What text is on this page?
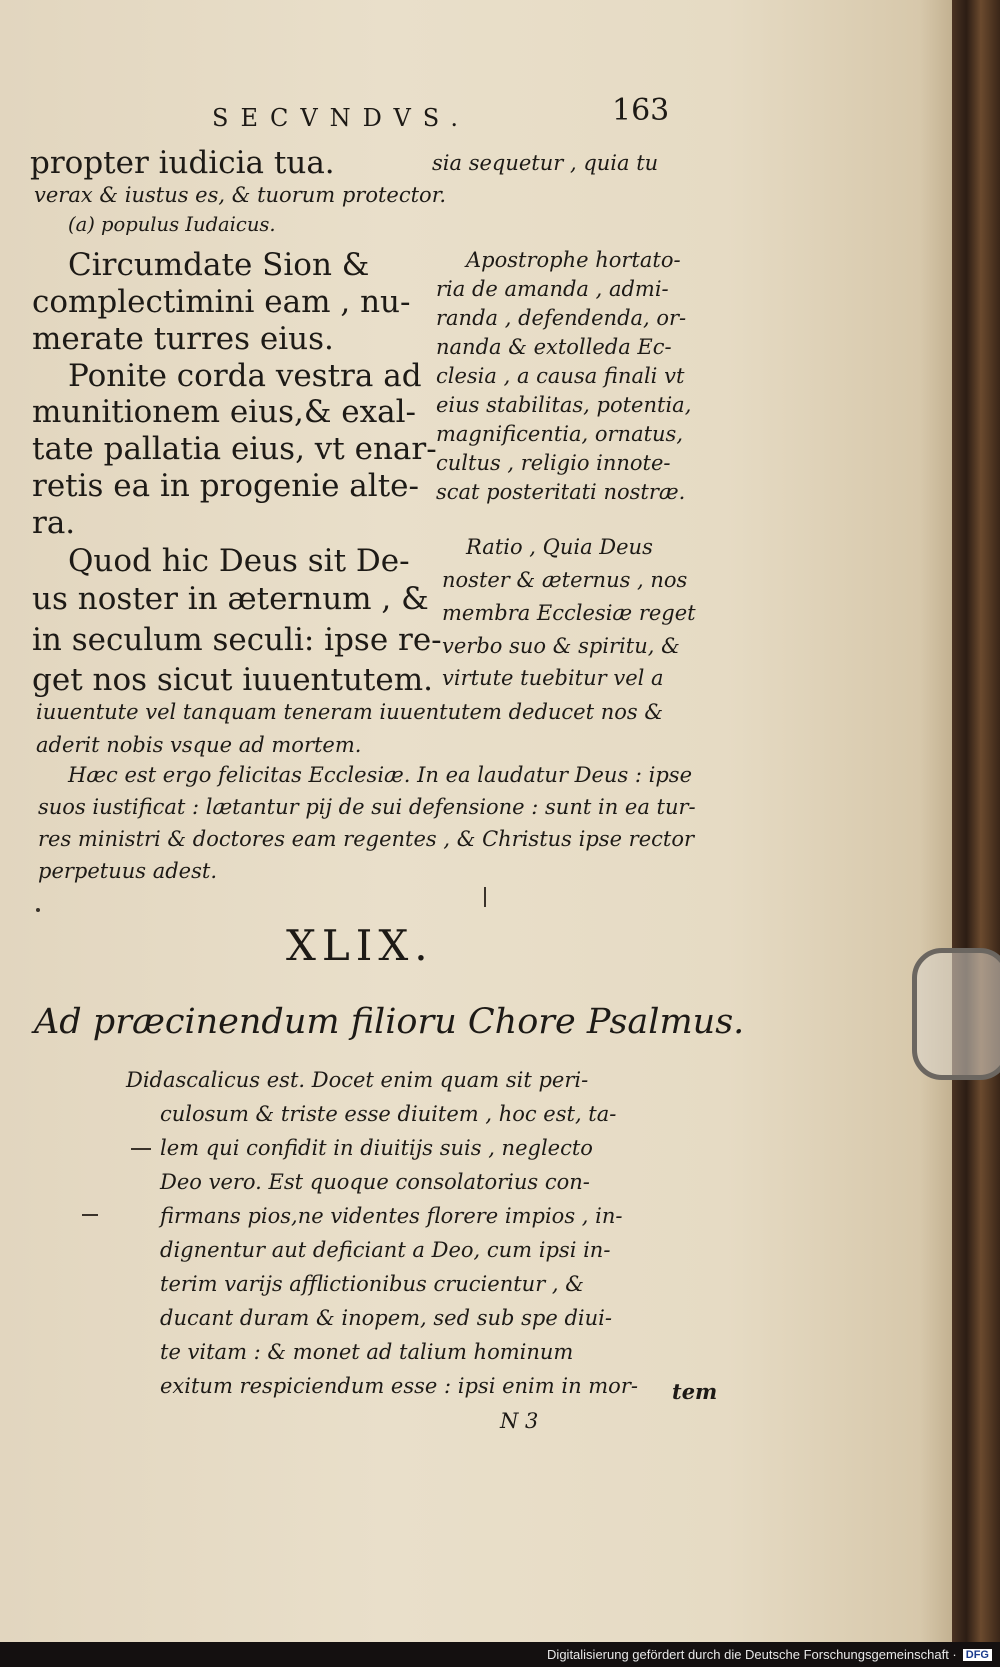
SECVNDVS.	163
propter iudicia tua.	sia sequetur , quia tu
verax & iustus es, & tuorum protector.
(a) populus Iudaicus.
Circumdate Sion &
complectimini eam , nu-
merate turres eius.
Ponite corda vestra ad
munitionem eius,& exal-
tate pallatia eius, vt enar-
retis ea in progenie alte-
ra.
Apostrophe hortato-
ria de amanda , admi-
randa , defendenda, or-
nanda & extolleda Ec-
clesia , a causa finali vt
eius stabilitas, potentia,
magnificentia, ornatus,
cultus , religio innote-
scat posteritati nostræ.
Quod hic Deus sit De-
us noster in æternum , &
in seculum seculi: ipse re-
get nos sicut iuuentutem.
Ratio , Quia Deus
noster & æternus , nos
membra Ecclesiæ reget
verbo suo & spiritu, &
virtute tuebitur vel a
iuuentute vel tanquam teneram iuuentutem deducet nos &
aderit nobis vsque ad mortem.
Hæc est ergo felicitas Ecclesiæ. In ea laudatur Deus : ipse
suos iustificat : lætantur pij de sui defensione : sunt in ea tur-
res ministri & doctores eam regentes , & Christus ipse rector
perpetuus adest.
XLIX.
Ad præcinendum filioru Chore Psalmus.
Didascalicus est. Docet enim quam sit peri-
culosum & triste esse diuitem , hoc est, ta-
lem qui confidit in diuitijs suis , neglecto
Deo vero. Est quoque consolatorius con-
firmans pios,ne videntes florere impios , in-
dignentur aut deficiant a Deo, cum ipsi in-
terim varijs afflictionibus crucientur , &
ducant duram & inopem, sed sub spe diui-
te vitam : & monet ad talium hominum
exitum respiciendum esse : ipsi enim in mor-
N 3
tem
Digitalisierung gefördert durch die Deutsche Forschungsgemeinschaft · DFG
